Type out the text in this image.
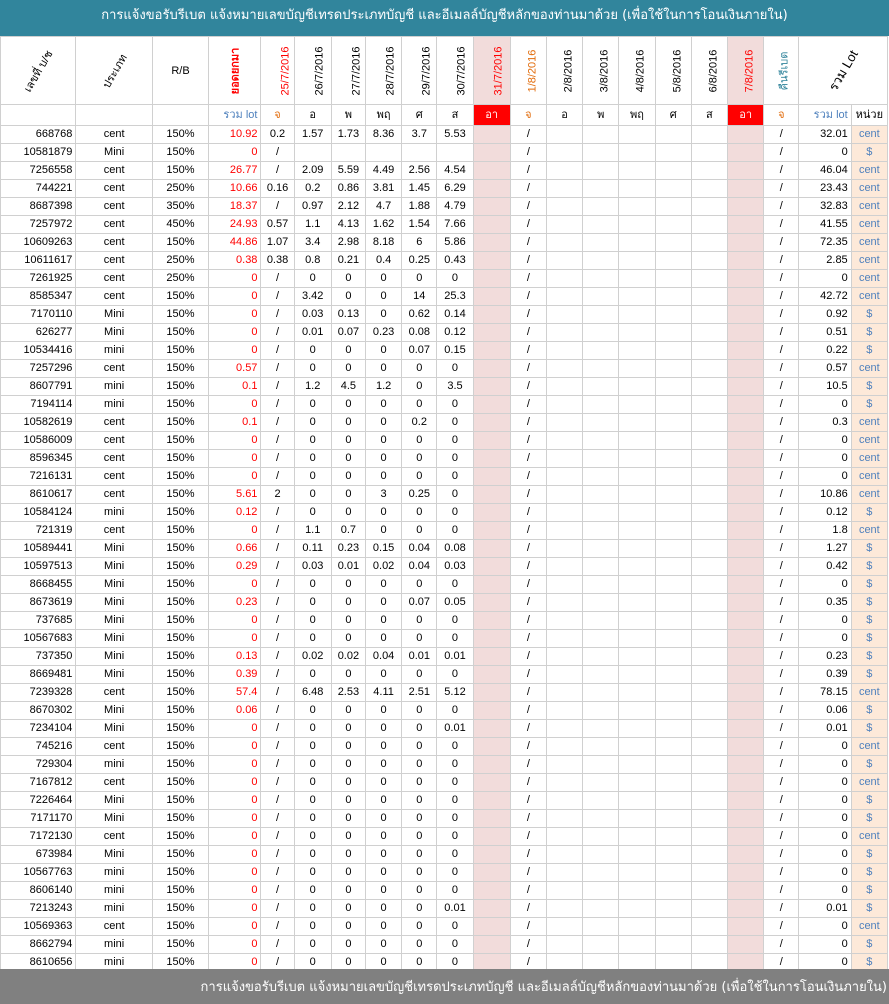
การแจ้งขอรับรีเบต แจ้งหมายเลขบัญชีเทรดประเภทบัญชี และอีเมลล์บัญชีหลักของท่านมาด้วย (เพื่อใช้ในการโอนเงินภายใน)
เลขที่ บ/ช	ประเภท	R/B	ยอดยกมา	25/7/2016	26/7/2016	27/7/2016	28/7/2016	29/7/2016	30/7/2016	31/7/2016	1/8/2016	2/8/2016	3/8/2016	4/8/2016	5/8/2016	6/8/2016	7/8/2016	คืนรีเบต	รวม Lot	
			รวม lot	จ	อ	พ	พฤ	ศ	ส	อา	จ	อ	พ	พฤ	ศ	ส	อา	จ	รวม lot	หน่วย
668768	cent	150%	10.92	0.2	1.57	1.73	8.36	3.7	5.53		/							/	32.01	cent
10581879	Mini	150%	0	/							/							/	0	$
7256558	cent	150%	26.77	/	2.09	5.59	4.49	2.56	4.54		/							/	46.04	cent
744221	cent	250%	10.66	0.16	0.2	0.86	3.81	1.45	6.29		/							/	23.43	cent
8687398	cent	350%	18.37	/	0.97	2.12	4.7	1.88	4.79		/							/	32.83	cent
7257972	cent	450%	24.93	0.57	1.1	4.13	1.62	1.54	7.66		/							/	41.55	cent
10609263	cent	150%	44.86	1.07	3.4	2.98	8.18	6	5.86		/							/	72.35	cent
10611617	cent	250%	0.38	0.38	0.8	0.21	0.4	0.25	0.43		/							/	2.85	cent
7261925	cent	250%	0	/	0	0	0	0	0		/							/	0	cent
8585347	cent	150%	0	/	3.42	0	0	14	25.3		/							/	42.72	cent
7170110	Mini	150%	0	/	0.03	0.13	0	0.62	0.14		/							/	0.92	$
626277	Mini	150%	0	/	0.01	0.07	0.23	0.08	0.12		/							/	0.51	$
10534416	mini	150%	0	/	0	0	0	0.07	0.15		/							/	0.22	$
7257296	cent	150%	0.57	/	0	0	0	0	0		/							/	0.57	cent
8607791	mini	150%	0.1	/	1.2	4.5	1.2	0	3.5		/							/	10.5	$
7194114	mini	150%	0	/	0	0	0	0	0		/							/	0	$
10582619	cent	150%	0.1	/	0	0	0	0.2	0		/							/	0.3	cent
10586009	cent	150%	0	/	0	0	0	0	0		/							/	0	cent
8596345	cent	150%	0	/	0	0	0	0	0		/							/	0	cent
7216131	cent	150%	0	/	0	0	0	0	0		/							/	0	cent
8610617	cent	150%	5.61	2	0	0	3	0.25	0		/							/	10.86	cent
10584124	mini	150%	0.12	/	0	0	0	0	0		/							/	0.12	$
721319	cent	150%	0	/	1.1	0.7	0	0	0		/							/	1.8	cent
10589441	Mini	150%	0.66	/	0.11	0.23	0.15	0.04	0.08		/							/	1.27	$
10597513	Mini	150%	0.29	/	0.03	0.01	0.02	0.04	0.03		/							/	0.42	$
8668455	Mini	150%	0	/	0	0	0	0	0		/							/	0	$
8673619	Mini	150%	0.23	/	0	0	0	0.07	0.05		/							/	0.35	$
737685	Mini	150%	0	/	0	0	0	0	0		/							/	0	$
10567683	Mini	150%	0	/	0	0	0	0	0		/							/	0	$
737350	Mini	150%	0.13	/	0.02	0.02	0.04	0.01	0.01		/							/	0.23	$
8669481	Mini	150%	0.39	/	0	0	0	0	0		/							/	0.39	$
7239328	cent	150%	57.4	/	6.48	2.53	4.11	2.51	5.12		/							/	78.15	cent
8670302	Mini	150%	0.06	/	0	0	0	0	0		/							/	0.06	$
7234104	Mini	150%	0	/	0	0	0	0	0.01		/							/	0.01	$
745216	cent	150%	0	/	0	0	0	0	0		/							/	0	cent
729304	mini	150%	0	/	0	0	0	0	0		/							/	0	$
7167812	cent	150%	0	/	0	0	0	0	0		/							/	0	cent
7226464	Mini	150%	0	/	0	0	0	0	0		/							/	0	$
7171170	Mini	150%	0	/	0	0	0	0	0		/							/	0	$
7172130	cent	150%	0	/	0	0	0	0	0		/							/	0	cent
673984	Mini	150%	0	/	0	0	0	0	0		/							/	0	$
10567763	mini	150%	0	/	0	0	0	0	0		/							/	0	$
8606140	mini	150%	0	/	0	0	0	0	0		/							/	0	$
7213243	mini	150%	0	/	0	0	0	0	0.01		/							/	0.01	$
10569363	cent	150%	0	/	0	0	0	0	0		/							/	0	cent
8662794	mini	150%	0	/	0	0	0	0	0		/							/	0	$
8610656	mini	150%	0	/	0	0	0	0	0		/							/	0	$
การแจ้งขอรับรีเบต แจ้งหมายเลขบัญชีเทรดประเภทบัญชี และอีเมลล์บัญชีหลักของท่านมาด้วย (เพื่อใช้ในการโอนเงินภายใน)
